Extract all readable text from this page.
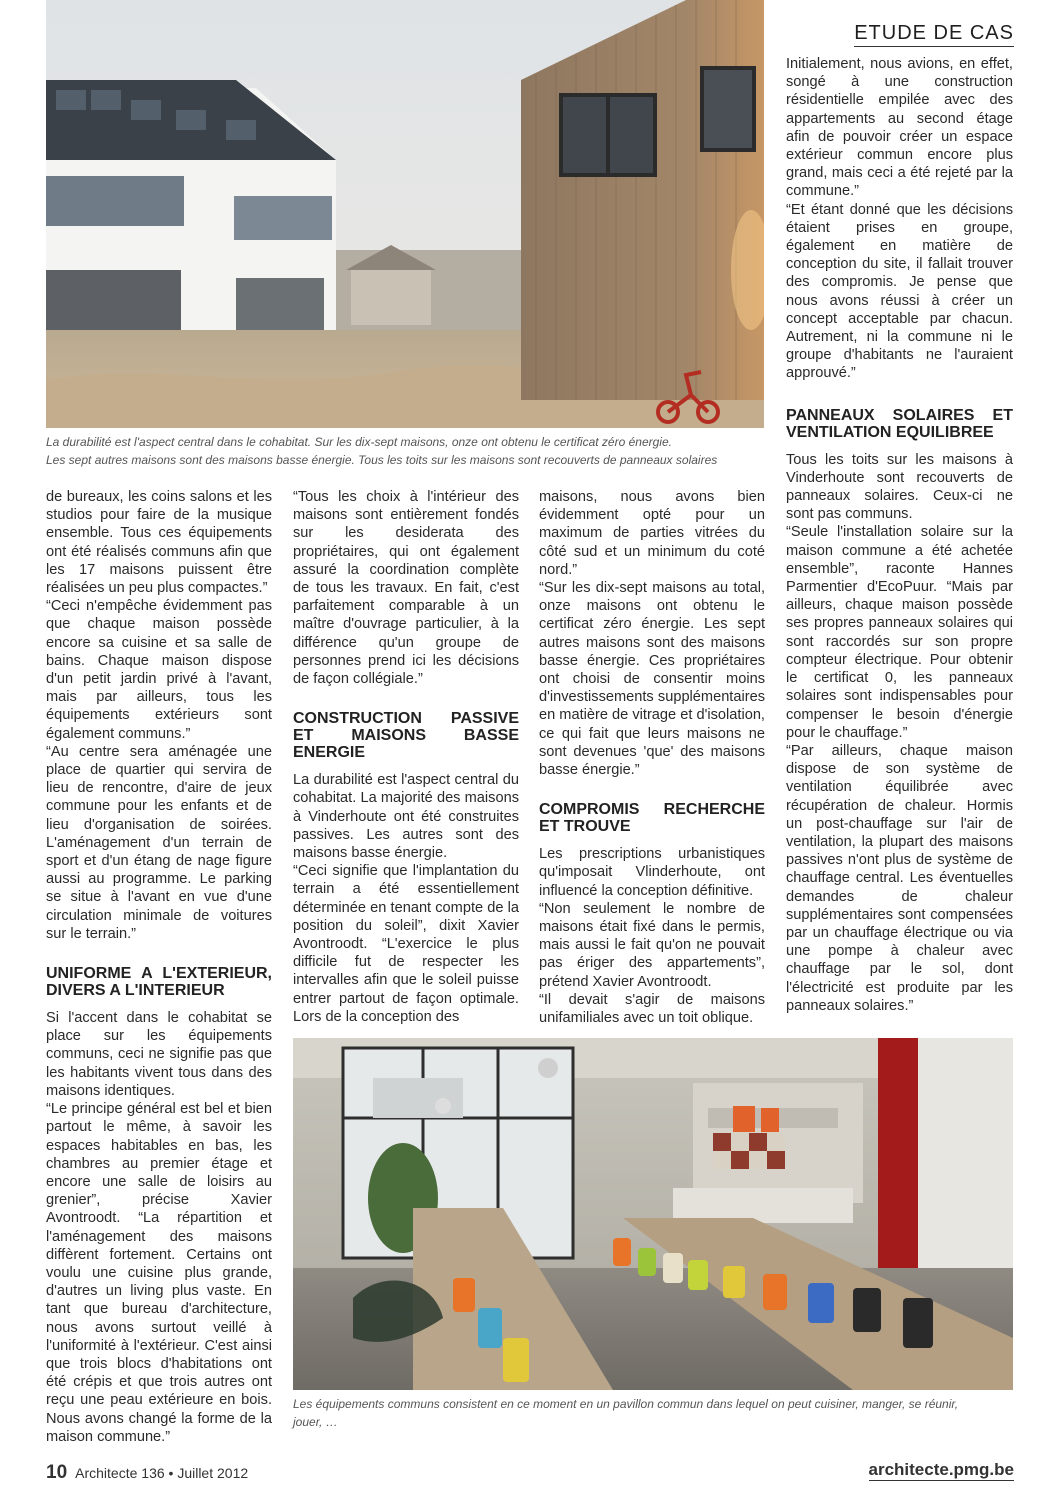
ETUDE DE CAS
La durabilité est l'aspect central dans le cohabitat. Sur les dix-sept maisons, onze ont obtenu le certificat zéro énergie.
Les sept autres maisons sont des maisons basse énergie. Tous les toits sur les maisons sont recouverts de panneaux solaires

Initialement, nous avions, en effet, songé à une construction résidentielle empilée avec des appartements au second étage afin de pouvoir créer un espace extérieur commun encore plus grand, mais ceci a été rejeté par la commune.”

“Et étant donné que les décisions étaient prises en groupe, également en matière de conception du site, il fallait trouver des compromis. Je pense que nous avons réussi à créer un concept acceptable par chacun. Autrement, ni la commune ni le groupe d'habitants ne l'auraient approuvé.”

PANNEAUX SOLAIRES ET VENTILATION EQUILIBREE

Tous les toits sur les maisons à Vinderhoute sont recouverts de panneaux solaires. Ceux-ci ne sont pas communs.

“Seule l'installation solaire sur la maison commune a été achetée ensemble”, raconte Hannes Parmentier d'EcoPuur. “Mais par ailleurs, chaque maison possède ses propres panneaux solaires qui sont raccordés sur son propre compteur électrique. Pour obtenir le certificat 0, les panneaux solaires sont indispensables pour compenser le besoin d'énergie pour le chauffage.”

“Par ailleurs, chaque maison dispose de son système de ventilation équilibrée avec récupération de chaleur. Hormis un post-chauffage sur l'air de ventilation, la plupart des maisons passives n'ont plus de système de chauffage central. Les éventuelles demandes de chaleur supplémentaires sont compensées par un chauffage électrique ou via une pompe à chaleur avec chauffage par le sol, dont l'électricité est produite par les panneaux solaires.”

de bureaux, les coins salons et les studios pour faire de la musique ensemble. Tous ces équipements ont été réalisés communs afin que les 17 maisons puissent être réalisées un peu plus compactes.”

“Ceci n'empêche évidemment pas que chaque maison possède encore sa cuisine et sa salle de bains. Chaque maison dispose d'un petit jardin privé à l'avant, mais par ailleurs, tous les équipements extérieurs sont également communs.”

“Au centre sera aménagée une place de quartier qui servira de lieu de rencontre, d'aire de jeux commune pour les enfants et de lieu d'organisation de soirées. L'aménagement d'un terrain de sport et d'un étang de nage figure aussi au programme. Le parking se situe à l'avant en vue d'une circulation minimale de voitures sur le terrain.”

UNIFORME A L'EXTERIEUR, DIVERS A L'INTERIEUR

Si l'accent dans le cohabitat se place sur les équipements communs, ceci ne signifie pas que les habitants vivent tous dans des maisons identiques.

“Le principe général est bel et bien partout le même, à savoir les espaces habitables en bas, les chambres au premier étage et encore une salle de loisirs au grenier”, précise Xavier Avontroodt. “La répartition et l'aménagement des maisons diffèrent fortement. Certains ont voulu une cuisine plus grande, d'autres un living plus vaste. En tant que bureau d'architecture, nous avons surtout veillé à l'uniformité à l'extérieur. C'est ainsi que trois blocs d'habitations ont été crépis et que trois autres ont reçu une peau extérieure en bois. Nous avons changé la forme de la maison commune.”

“Tous les choix à l'intérieur des maisons sont entièrement fondés sur les desiderata des propriétaires, qui ont également assuré la coordination complète de tous les travaux. En fait, c'est parfaitement comparable à un maître d'ouvrage particulier, à la différence qu'un groupe de personnes prend ici les décisions de façon collégiale.”

CONSTRUCTION PASSIVE ET MAISONS BASSE ENERGIE

La durabilité est l'aspect central du cohabitat. La majorité des maisons à Vinderhoute ont été construites passives. Les autres sont des maisons basse énergie.

“Ceci signifie que l'implantation du terrain a été essentiellement déterminée en tenant compte de la position du soleil”, dixit Xavier Avontroodt. “L'exercice le plus difficile fut de respecter les intervalles afin que le soleil puisse entrer partout de façon optimale. Lors de la conception des

maisons, nous avons bien évidemment opté pour un maximum de parties vitrées du côté sud et un minimum du coté nord.”

“Sur les dix-sept maisons au total, onze maisons ont obtenu le certificat zéro énergie. Les sept autres maisons sont des maisons basse énergie. Ces propriétaires ont choisi de consentir moins d'investissements supplémentaires en matière de vitrage et d'isolation, ce qui fait que leurs maisons ne sont devenues 'que' des maisons basse énergie.”

COMPROMIS RECHERCHE ET TROUVE

Les prescriptions urbanistiques qu'imposait Vlinderhoute, ont influencé la conception définitive.

“Non seulement le nombre de maisons était fixé dans le permis, mais aussi le fait qu'on ne pouvait pas ériger des appartements”, prétend Xavier Avontroodt.

“Il devait s'agir de maisons unifamiliales avec un toit oblique.

Les équipements communs consistent en ce moment en un pavillon commun dans lequel on peut cuisiner, manger, se réunir,
jouer, …
10 Architecte 136 • Juillet 2012	architecte.pmg.be
